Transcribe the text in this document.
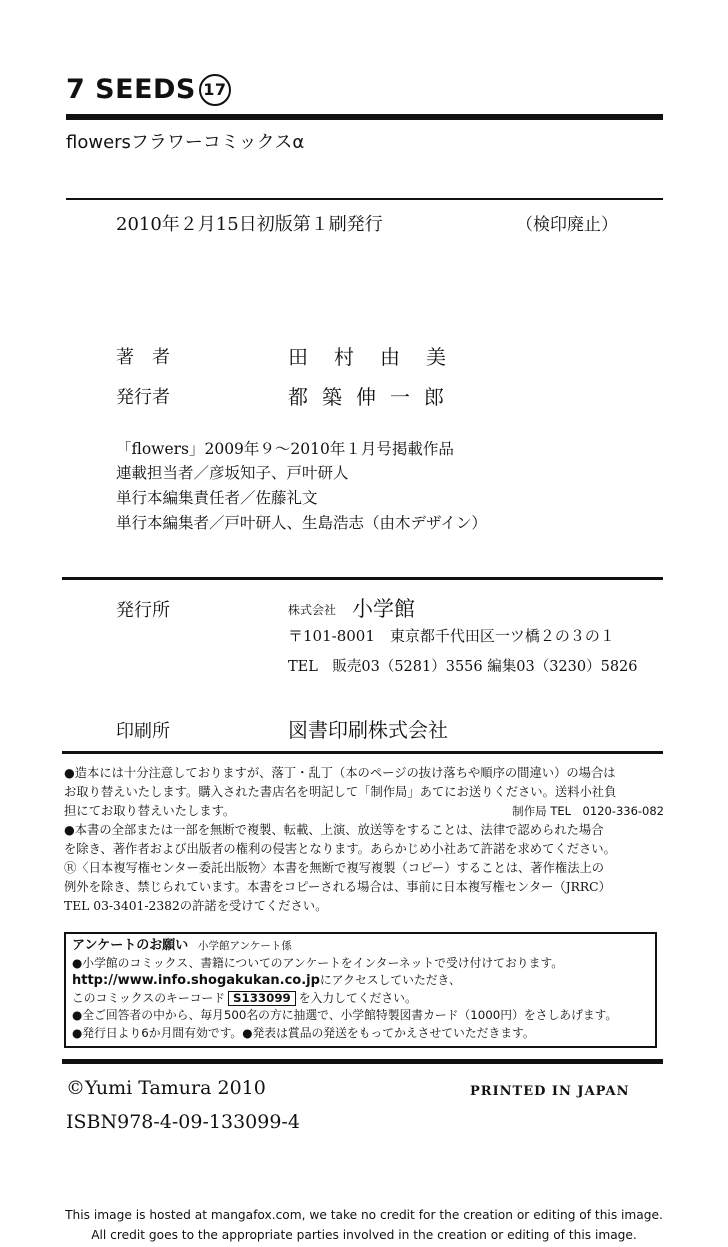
7 SEEDS 17
flowersフラワーコミックスα
2010年２月15日初版第１刷発行	（検印廃止）
著　者	田村由美
発行者	都築伸一郎
「flowers」2009年９～2010年１月号掲載作品
連載担当者／彦坂知子、戸叶研人
単行本編集責任者／佐藤礼文
単行本編集者／戸叶研人、生島浩志（由木デザイン）
発行所	株式会社 小学館
〒101-8001　東京都千代田区一ツ橋２の３の１
TEL　販売03（5281）3556 編集03（3230）5826
印刷所	図書印刷株式会社
●造本には十分注意しておりますが、落丁・乱丁（本のページの抜け落ちや順序の間違い）の場合は
お取り替えいたします。購入された書店名を明記して「制作局」あてにお送りください。送料小社負
担にてお取り替えいたします。	制作局 TEL　0120-336-082
●本書の全部または一部を無断で複製、転載、上演、放送等をすることは、法律で認められた場合
を除き、著作者および出版者の権利の侵害となります。あらかじめ小社あて許諾を求めてください。
Ⓡ〈日本複写権センター委託出版物〉本書を無断で複写複製（コピー）することは、著作権法上の
例外を除き、禁じられています。本書をコピーされる場合は、事前に日本複写権センター（JRRC）
TEL 03-3401-2382の許諾を受けてください。
アンケートのお願い 小学館アンケート係
●小学館のコミックス、書籍についてのアンケートをインターネットで受け付けております。
http://www.info.shogakukan.co.jpにアクセスしていただき、
このコミックスのキーコード S133099 を入力してください。
●全ご回答者の中から、毎月500名の方に抽選で、小学館特製図書カード（1000円）をさしあげます。
●発行日より6か月間有効です。●発表は賞品の発送をもってかえさせていただきます。
©Yumi Tamura 2010	PRINTED IN JAPAN
ISBN978-4-09-133099-4
This image is hosted at mangafox.com, we take no credit for the creation or editing of this image.
All credit goes to the appropriate parties involved in the creation or editing of this image.
